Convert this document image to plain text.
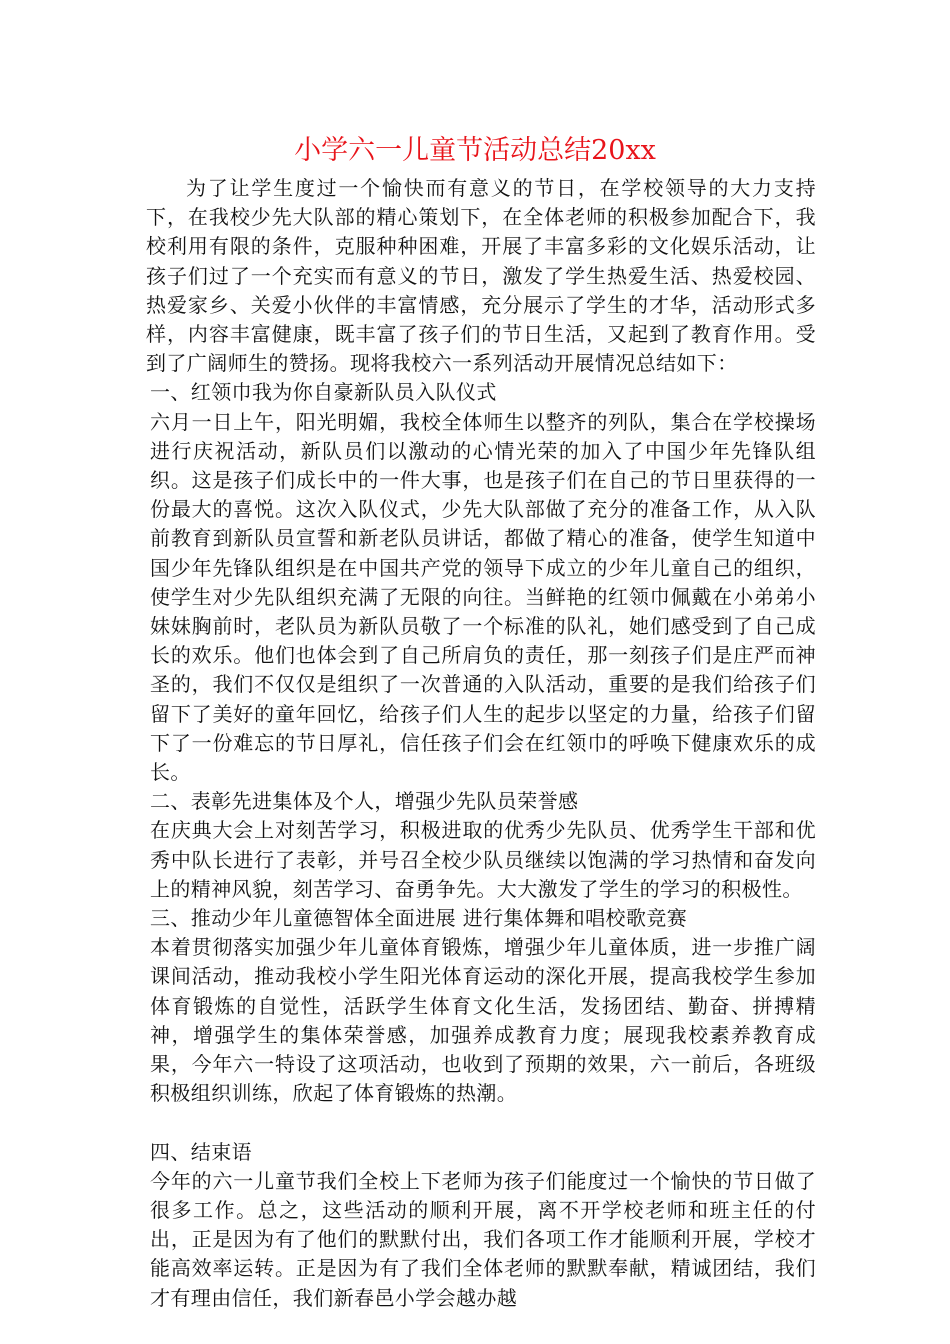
小学六一儿童节活动总结20xx

为了让学生度过一个愉快而有意义的节日，在学校领导的大力支持下，在我校少先大队部的精心策划下，在全体老师的积极参加配合下，我校利用有限的条件，克服种种困难，开展了丰富多彩的文化娱乐活动，让孩子们过了一个充实而有意义的节日，激发了学生热爱生活、热爱校园、热爱家乡、关爱小伙伴的丰富情感，充分展示了学生的才华，活动形式多样，内容丰富健康，既丰富了孩子们的节日生活，又起到了教育作用。受到了广阔师生的赞扬。现将我校六一系列活动开展情况总结如下：

一、红领巾我为你自豪新队员入队仪式

六月一日上午，阳光明媚，我校全体师生以整齐的列队，集合在学校操场进行庆祝活动，新队员们以激动的心情光荣的加入了中国少年先锋队组织。这是孩子们成长中的一件大事，也是孩子们在自己的节日里获得的一份最大的喜悦。这次入队仪式，少先大队部做了充分的准备工作，从入队前教育到新队员宣誓和新老队员讲话，都做了精心的准备，使学生知道中国少年先锋队组织是在中国共产党的领导下成立的少年儿童自己的组织，使学生对少先队组织充满了无限的向往。当鲜艳的红领巾佩戴在小弟弟小妹妹胸前时，老队员为新队员敬了一个标准的队礼，她们感受到了自己成长的欢乐。他们也体会到了自己所肩负的责任，那一刻孩子们是庄严而神圣的，我们不仅仅是组织了一次普通的入队活动，重要的是我们给孩子们留下了美好的童年回忆，给孩子们人生的起步以坚定的力量，给孩子们留下了一份难忘的节日厚礼，信任孩子们会在红领巾的呼唤下健康欢乐的成长。

二、表彰先进集体及个人，增强少先队员荣誉感

在庆典大会上对刻苦学习，积极进取的优秀少先队员、优秀学生干部和优秀中队长进行了表彰，并号召全校少队员继续以饱满的学习热情和奋发向上的精神风貌，刻苦学习、奋勇争先。大大激发了学生的学习的积极性。

三、推动少年儿童德智体全面进展 进行集体舞和唱校歌竞赛

本着贯彻落实加强少年儿童体育锻炼，增强少年儿童体质，进一步推广阔课间活动，推动我校小学生阳光体育运动的深化开展，提高我校学生参加体育锻炼的自觉性，活跃学生体育文化生活，发扬团结、勤奋、拼搏精神，增强学生的集体荣誉感，加强养成教育力度；展现我校素养教育成果，今年六一特设了这项活动，也收到了预期的效果，六一前后，各班级积极组织训练，欣起了体育锻炼的热潮。

四、结束语

今年的六一儿童节我们全校上下老师为孩子们能度过一个愉快的节日做了很多工作。总之，这些活动的顺利开展，离不开学校老师和班主任的付出，正是因为有了他们的默默付出，我们各项工作才能顺利开展，学校才能高效率运转。正是因为有了我们全体老师的默默奉献，精诚团结，我们才有理由信任，我们新春邑小学会越办越
